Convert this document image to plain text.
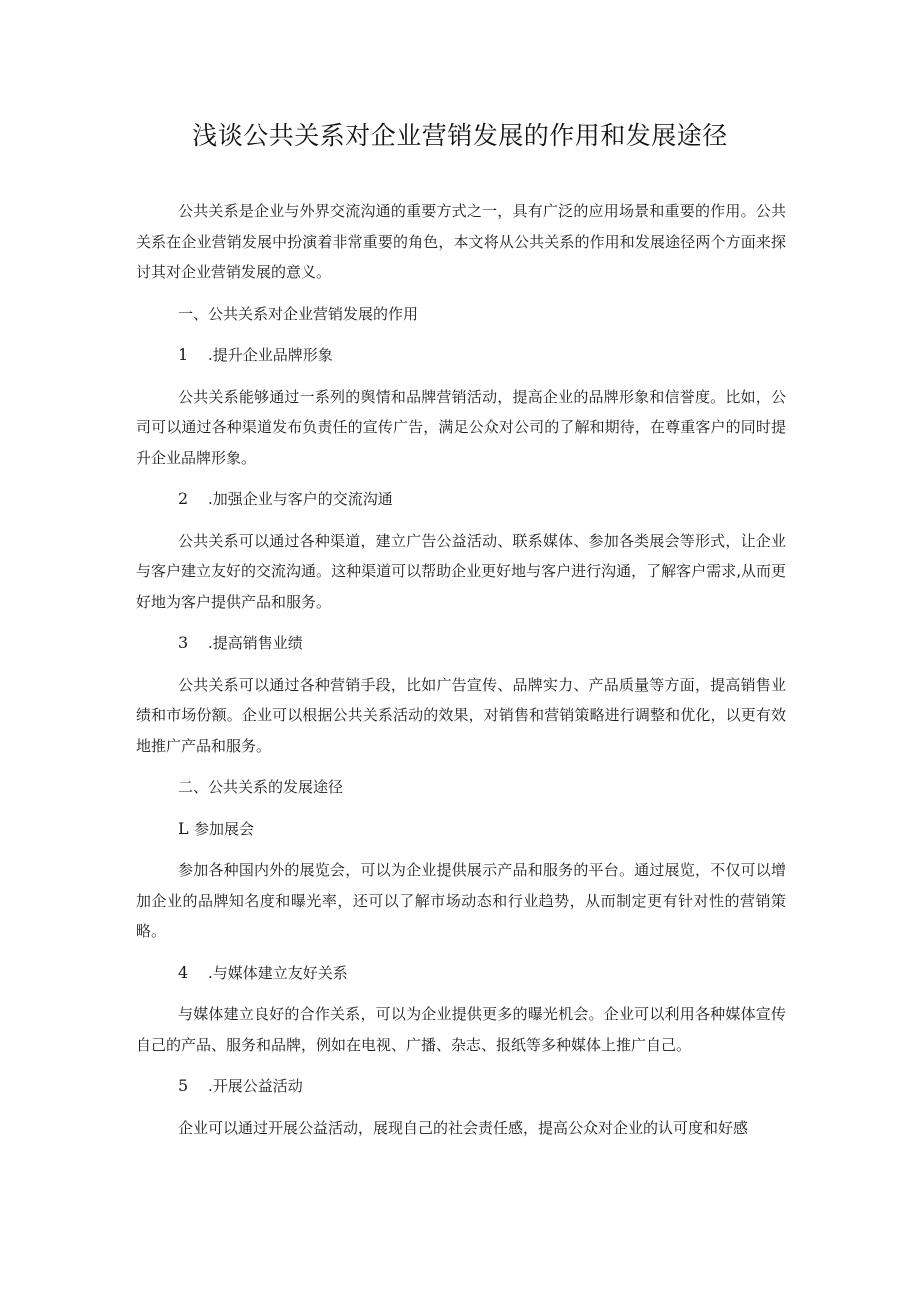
浅谈公共关系对企业营销发展的作用和发展途径

公共关系是企业与外界交流沟通的重要方式之一，具有广泛的应用场景和重要的作用。公共关系在企业营销发展中扮演着非常重要的角色，本文将从公共关系的作用和发展途径两个方面来探讨其对企业营销发展的意义。

一、公共关系对企业营销发展的作用
1 .提升企业品牌形象

公共关系能够通过一系列的舆情和品牌营销活动，提高企业的品牌形象和信誉度。比如，公司可以通过各种渠道发布负责任的宣传广告，满足公众对公司的了解和期待，在尊重客户的同时提升企业品牌形象。

2 .加强企业与客户的交流沟通

公共关系可以通过各种渠道，建立广告公益活动、联系媒体、参加各类展会等形式，让企业与客户建立友好的交流沟通。这种渠道可以帮助企业更好地与客户进行沟通，了解客户需求,从而更好地为客户提供产品和服务。

3 .提高销售业绩

公共关系可以通过各种营销手段，比如广告宣传、品牌实力、产品质量等方面，提高销售业绩和市场份额。企业可以根据公共关系活动的效果，对销售和营销策略进行调整和优化，以更有效地推广产品和服务。

二、公共关系的发展途径
L 参加展会

参加各种国内外的展览会，可以为企业提供展示产品和服务的平台。通过展览，不仅可以增加企业的品牌知名度和曝光率，还可以了解市场动态和行业趋势，从而制定更有针对性的营销策略。

4 .与媒体建立友好关系

与媒体建立良好的合作关系，可以为企业提供更多的曝光机会。企业可以利用各种媒体宣传自己的产品、服务和品牌，例如在电视、广播、杂志、报纸等多种媒体上推广自己。

5 .开展公益活动

企业可以通过开展公益活动，展现自己的社会责任感，提高公众对企业的认可度和好感
